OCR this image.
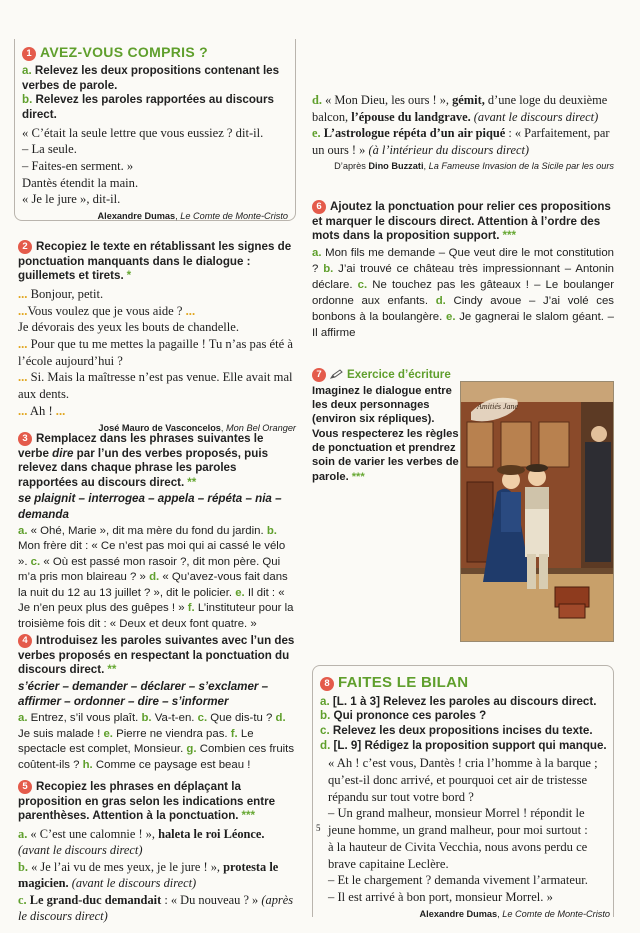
1 AVEZ-VOUS COMPRIS ?
a. Relevez les deux propositions contenant les verbes de parole.
b. Relevez les paroles rapportées au discours direct.

« C’était la seule lettre que vous eussiez ? dit-il.

– La seule.

– Faites-en serment. »

Dantès étendit la main.

« Je le jure », dit-il.

Alexandre Dumas, Le Comte de Monte-Cristo
2 Recopiez le texte en rétablissant les signes de ponctuation manquants dans le dialogue : guillemets et tirets. *

... Bonjour, petit.

...Vous voulez que je vous aide ? ...

Je dévorais des yeux les bouts de chandelle.

... Pour que tu me mettes la pagaille ! Tu n’as pas été à l’école aujourd’hui ?

... Si. Mais la maîtresse n’est pas venue. Elle avait mal aux dents.

... Ah ! ...

José Mauro de Vasconcelos, Mon Bel Oranger
3 Remplacez dans les phrases suivantes le verbe dire par l’un des verbes proposés, puis relevez dans chaque phrase les paroles rapportées au discours direct. **
se plaignit – interrogea – appela – répéta – nia – demanda
a. « Ohé, Marie », dit ma mère du fond du jardin. b. Mon frère dit : « Ce n’est pas moi qui ai cassé le vélo ». c. « Où est passé mon rasoir ?, dit mon père. Qui m’a pris mon blaireau ? » d. « Qu’avez-vous fait dans la nuit du 12 au 13 juillet ? », dit le policier. e. Il dit : « Je n’en peux plus des guêpes ! » f. L’instituteur pour la troisième fois dit : « Deux et deux font quatre. »
4 Introduisez les paroles suivantes avec l’un des verbes proposés en respectant la ponctuation du discours direct. **
s’écrier – demander – déclarer – s’exclamer – affirmer – ordonner – dire – s’informer
a. Entrez, s’il vous plaît. b. Va-t-en. c. Que dis-tu ? d. Je suis malade ! e. Pierre ne viendra pas. f. Le spectacle est complet, Monsieur. g. Combien ces fruits coûtent-ils ? h. Comme ce paysage est beau !
5 Recopiez les phrases en déplaçant la proposition en gras selon les indications entre parenthèses. Attention à la ponctuation. ***

a. « C’est une calomnie ! », haleta le roi Léonce. (avant le discours direct)

b. « Je l’ai vu de mes yeux, je le jure ! », protesta le magicien. (avant le discours direct)

c. Le grand-duc demandait : « Du nouveau ? » (après le discours direct)

d. « Mon Dieu, les ours ! », gémit, d’une loge du deuxième balcon, l’épouse du landgrave. (avant le discours direct)

e. L’astrologue répéta d’un air piqué : « Parfaitement, par un ours ! » (à l’intérieur du discours direct)

D’après Dino Buzzati, La Fameuse Invasion de la Sicile par les ours
6 Ajoutez la ponctuation pour relier ces propositions et marquer le discours direct. Attention à l’ordre des mots dans la proposition support. ***
a. Mon fils me demande – Que veut dire le mot constitution ? b. J’ai trouvé ce château très impressionnant – Antonin déclare. c. Ne touchez pas les gâteaux ! – Le boulanger ordonne aux enfants. d. Cindy avoue – J’ai volé ces bonbons à la boulangère. e. Je gagnerai le slalom géant. – Il affirme
7 Exercice d’écriture
Imaginez le dialogue entre les deux personnages (environ six répliques). Vous respecterez les règles de ponctuation et prendrez soin de varier les verbes de parole. ***
Amitiés Jane
8 FAITES LE BILAN

a. [L. 1 à 3] Relevez les paroles au discours direct.

b. Qui prononce ces paroles ?

c. Relevez les deux propositions incises du texte.

d. [L. 9] Rédigez la proposition support qui manque.

5

« Ah ! c’est vous, Dantès ! cria l’homme à la barque ;

qu’est-il donc arrivé, et pourquoi cet air de tristesse

répandu sur tout votre bord ?

– Un grand malheur, monsieur Morrel ! répondit le

jeune homme, un grand malheur, pour moi surtout :

à la hauteur de Civita Vecchia, nous avons perdu ce

brave capitaine Leclère.

– Et le chargement ? demanda vivement l’armateur.

– Il est arrivé à bon port, monsieur Morrel. »

Alexandre Dumas, Le Comte de Monte-Cristo
